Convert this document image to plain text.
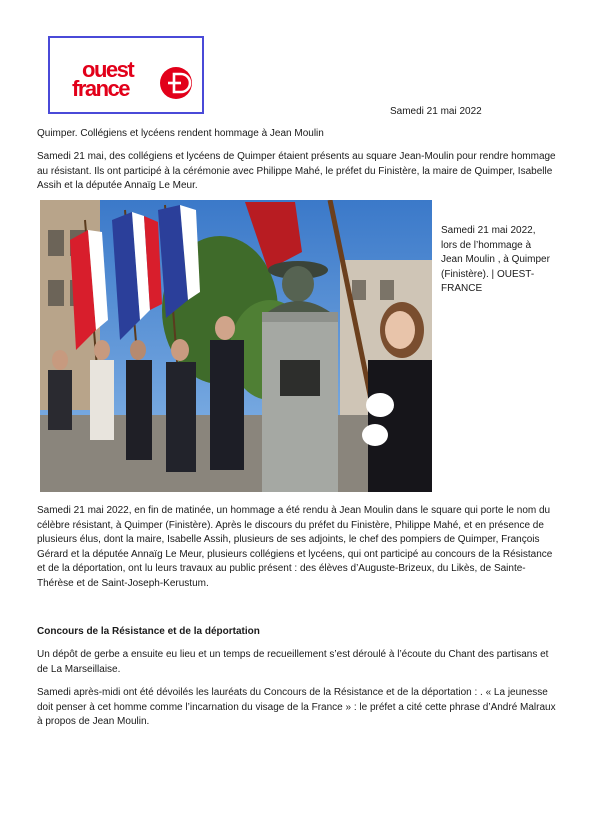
ouest
france
Samedi 21 mai 2022
Quimper. Collégiens et lycéens rendent hommage à Jean Moulin

Samedi 21 mai, des collégiens et lycéens de Quimper étaient présents au square Jean-Moulin pour rendre hommage au résistant. Ils ont participé à la cérémonie avec Philippe Mahé, le préfet du Finistère, la maire de Quimper, Isabelle Assih et la députée Annaïg Le Meur.

Samedi 21 mai 2022, lors de l’hommage à Jean Moulin , à Quimper (Finistère). | OUEST-FRANCE

Samedi 21 mai 2022, en fin de matinée, un hommage a été rendu à Jean Moulin dans le square qui porte le nom du célèbre résistant, à Quimper (Finistère). Après le discours du préfet du Finistère, Philippe Mahé, et en présence de plusieurs élus, dont la maire, Isabelle Assih, plusieurs de ses adjoints, le chef des pompiers de Quimper, François Gérard et la députée Annaïg Le Meur, plusieurs collégiens et lycéens, qui ont participé au concours de la Résistance et de la déportation, ont lu leurs travaux au public présent : des élèves d’Auguste-Brizeux, du Likès, de Sainte-Thérèse et de Saint-Joseph-Kerustum.

Concours de la Résistance et de la déportation

Un dépôt de gerbe a ensuite eu lieu et un temps de recueillement s’est déroulé à l’écoute du Chant des partisans et de La Marseillaise.

Samedi après-midi ont été dévoilés les lauréats du Concours de la Résistance et de la déportation : . « La jeunesse doit penser à cet homme comme l’incarnation du visage de la France » : le préfet a cité cette phrase d’André Malraux à propos de Jean Moulin.
